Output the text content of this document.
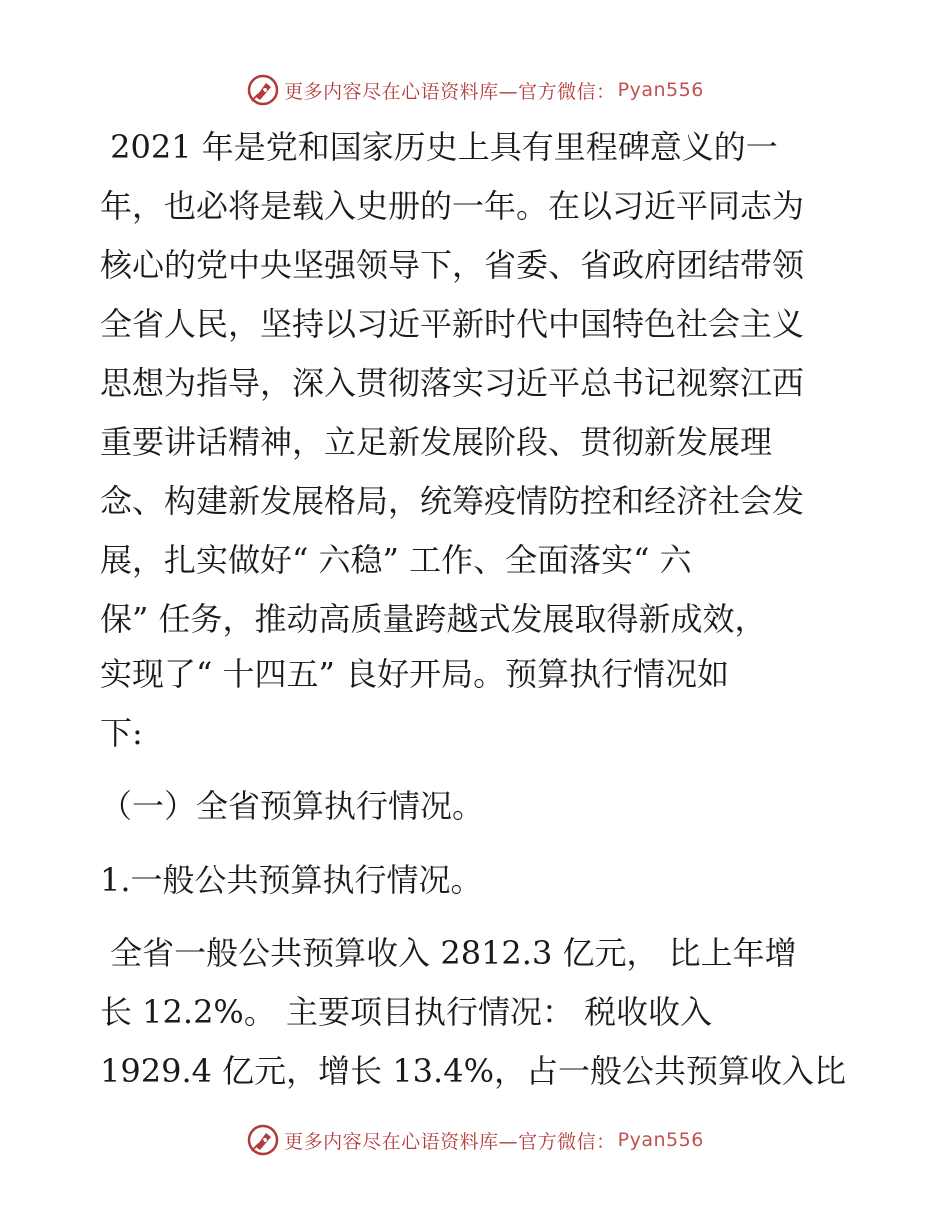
更多内容尽在心语资料库—官方微信： Pyan556
2021 年是党和国家历史上具有里程碑意义的一
年，也必将是载入史册的一年。在以习近平同志为
核心的党中央坚强领导下，省委、省政府团结带领
全省人民，坚持以习近平新时代中国特色社会主义
思想为指导，深入贯彻落实习近平总书记视察江西
重要讲话精神，立足新发展阶段、贯彻新发展理
念、构建新发展格局，统筹疫情防控和经济社会发
展，扎实做好“ 六稳” 工作、全面落实“ 六
保” 任务，推动高质量跨越式发展取得新成效，
实现了“ 十四五” 良好开局。预算执行情况如
下:
（一）全省预算执行情况。
1.一般公共预算执行情况。
全省一般公共预算收入 2812.3 亿元， 比上年增
长 12.2%。 主要项目执行情况： 税收收入
1929.4 亿元，增长 13.4%，占一般公共预算收入比
更多内容尽在心语资料库—官方微信： Pyan556
